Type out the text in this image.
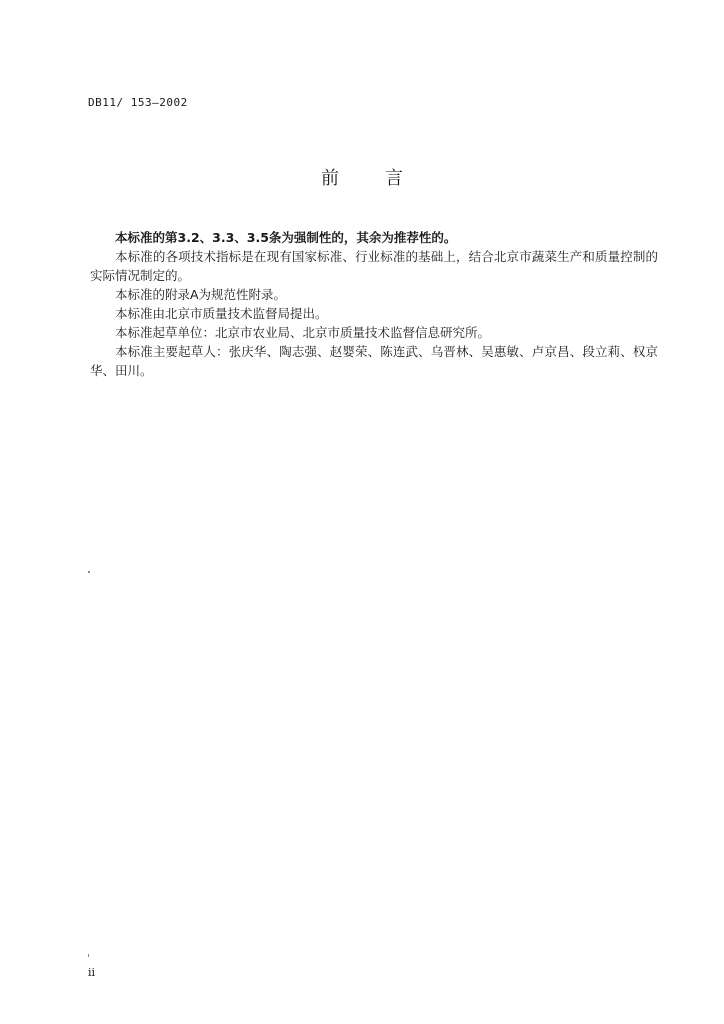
DB11/ 153—2002
前	言

本标准的第3.2、3.3、3.5条为强制性的，其余为推荐性的。

本标准的各项技术指标是在现有国家标准、行业标准的基础上，结合北京市蔬菜生产和质量控制的实际情况制定的。

本标准的附录A为规范性附录。

本标准由北京市质量技术监督局提出。

本标准起草单位：北京市农业局、北京市质量技术监督信息研究所。

本标准主要起草人：张庆华、陶志强、赵婴荣、陈连武、乌晋林、吴惠敏、卢京昌、段立莉、权京华、田川。

ii
